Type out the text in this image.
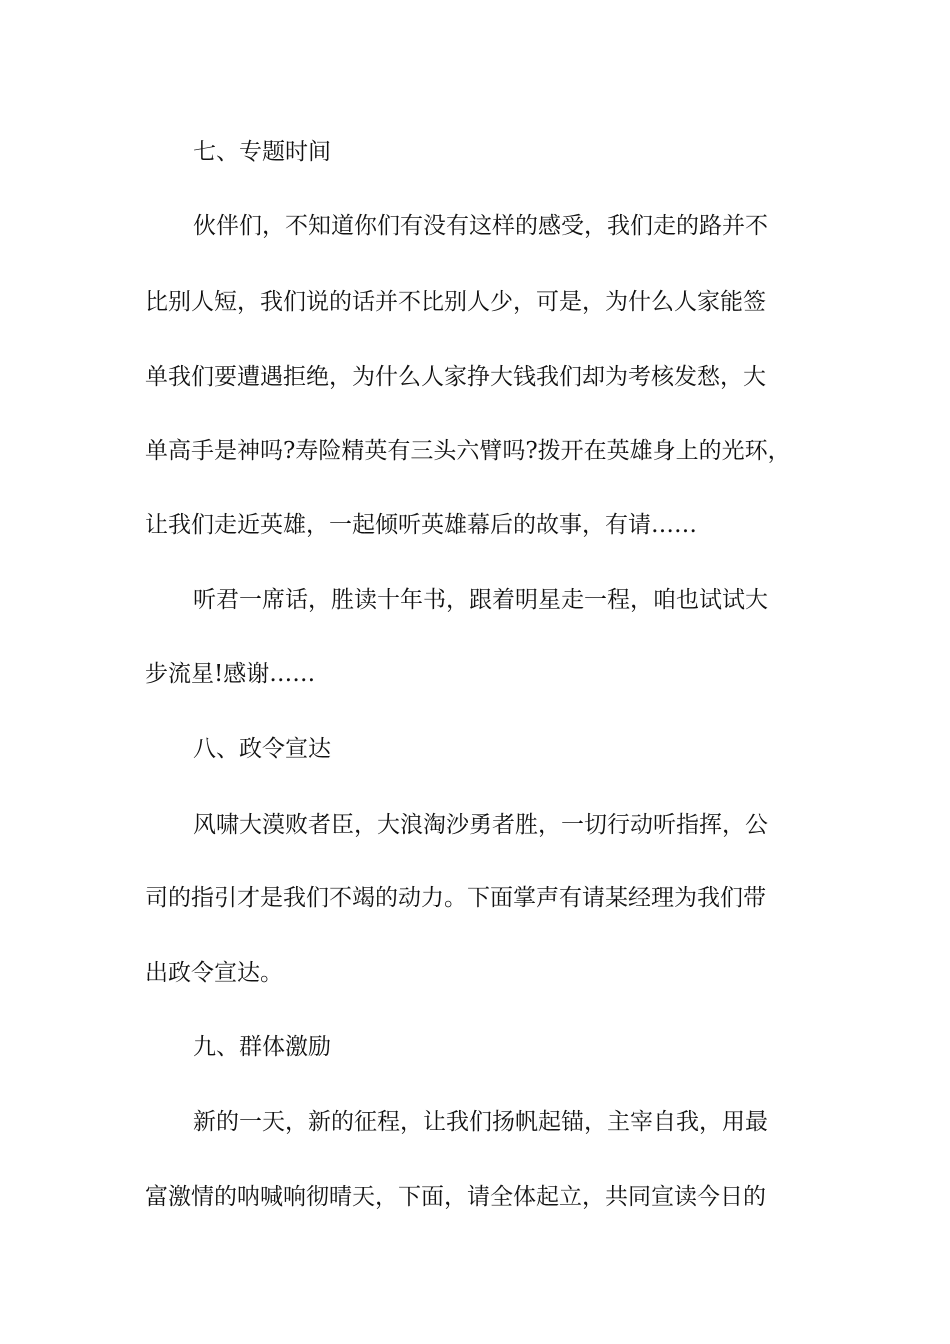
七、专题时间
伙伴们，不知道你们有没有这样的感受，我们走的路并不
比别人短，我们说的话并不比别人少，可是，为什么人家能签
单我们要遭遇拒绝，为什么人家挣大钱我们却为考核发愁，大
单高手是神吗?寿险精英有三头六臂吗?拨开在英雄身上的光环，
让我们走近英雄，一起倾听英雄幕后的故事，有请……
听君一席话，胜读十年书，跟着明星走一程，咱也试试大
步流星!感谢……
八、政令宣达
风啸大漠败者臣，大浪淘沙勇者胜，一切行动听指挥，公
司的指引才是我们不竭的动力。下面掌声有请某经理为我们带
出政令宣达。
九、群体激励
新的一天，新的征程，让我们扬帆起锚，主宰自我，用最
富激情的呐喊响彻晴天，下面，请全体起立，共同宣读今日的
